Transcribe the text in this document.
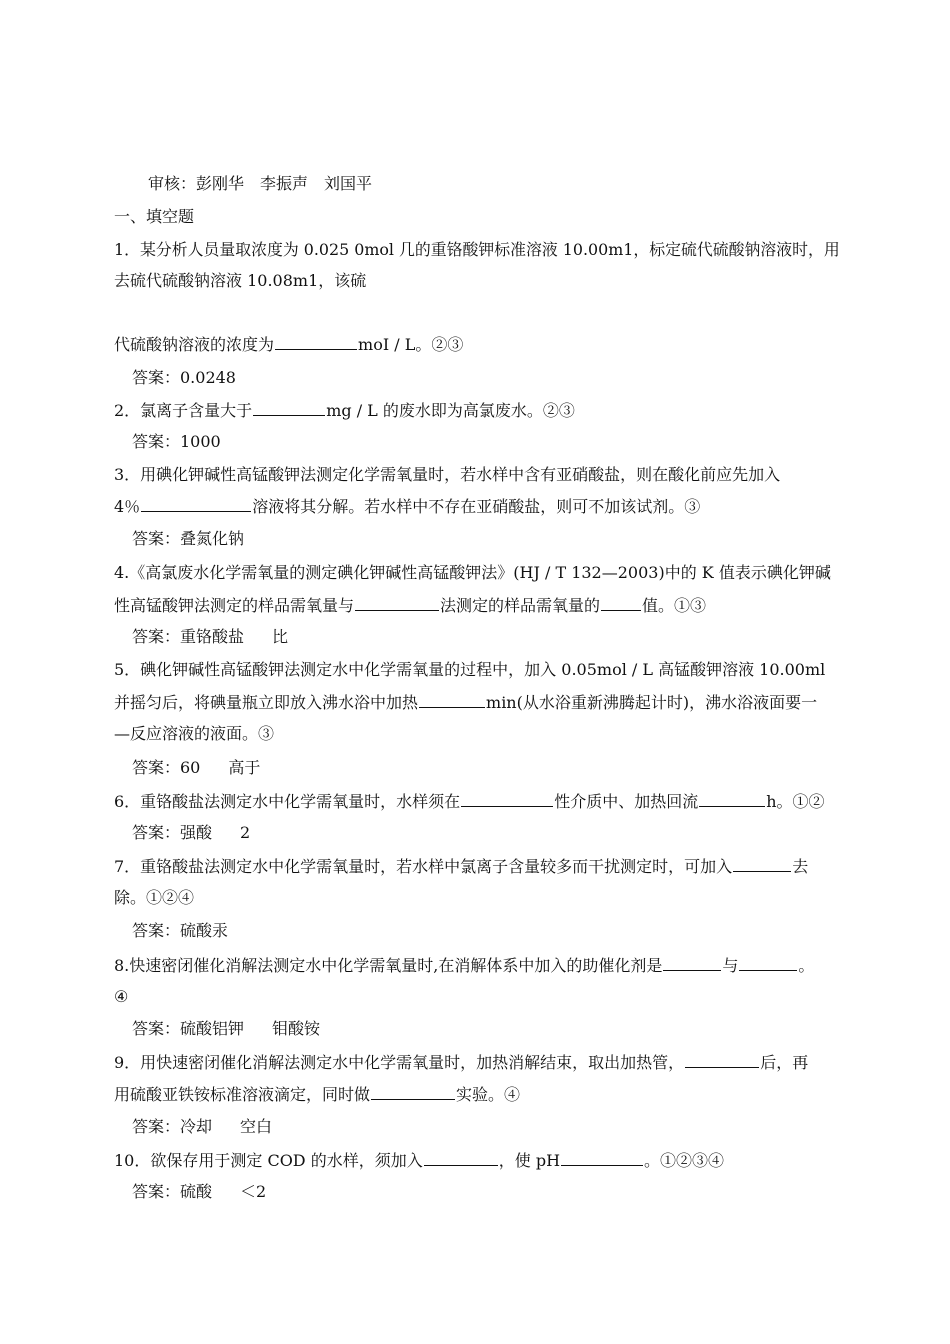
审核：彭刚华　李振声　刘国平
一、填空题
1．某分析人员量取浓度为 0.025 0mol 几的重铬酸钾标准溶液 10.00m1，标定硫代硫酸钠溶液时，用
去硫代硫酸钠溶液 10.08m1，该硫
代硫酸钠溶液的浓度为	moI / L。②③
答案：0.0248
2．氯离子含量大于	mg / L 的废水即为高氯废水。②③
答案：1000
3．用碘化钾碱性高锰酸钾法测定化学需氧量时，若水样中含有亚硝酸盐，则在酸化前应先加入
4％	溶液将其分解。若水样中不存在亚硝酸盐，则可不加该试剂。③
答案：叠氮化钠
4.《高氯废水化学需氧量的测定碘化钾碱性高锰酸钾法》(HJ / T 132—2003)中的 K 值表示碘化钾碱
性高锰酸钾法测定的样品需氧量与	法测定的样品需氧量的	值。①③
答案：重铬酸盐 比
5．碘化钾碱性高锰酸钾法测定水中化学需氧量的过程中，加入 0.05mol / L 高锰酸钾溶液 10.00ml
并摇匀后，将碘量瓶立即放入沸水浴中加热	min(从水浴重新沸腾起计时)，沸水浴液面要一
—反应溶液的液面。③
答案：60 高于
6．重铬酸盐法测定水中化学需氧量时，水样须在	性介质中、加热回流	h。①②
答案：强酸 2
7．重铬酸盐法测定水中化学需氧量时，若水样中氯离子含量较多而干扰测定时，可加入	去
除。①②④
答案：硫酸汞
8.快速密闭催化消解法测定水中化学需氧量时,在消解体系中加入的助催化剂是	与	。
④
答案：硫酸铝钾 钼酸铵
9．用快速密闭催化消解法测定水中化学需氧量时，加热消解结束，取出加热管，	后，再
用硫酸亚铁铵标准溶液滴定，同时做	实验。④
答案：冷却 空白
10．欲保存用于测定 COD 的水样，须加入	，使 pH	。①②③④
答案：硫酸 ＜2
